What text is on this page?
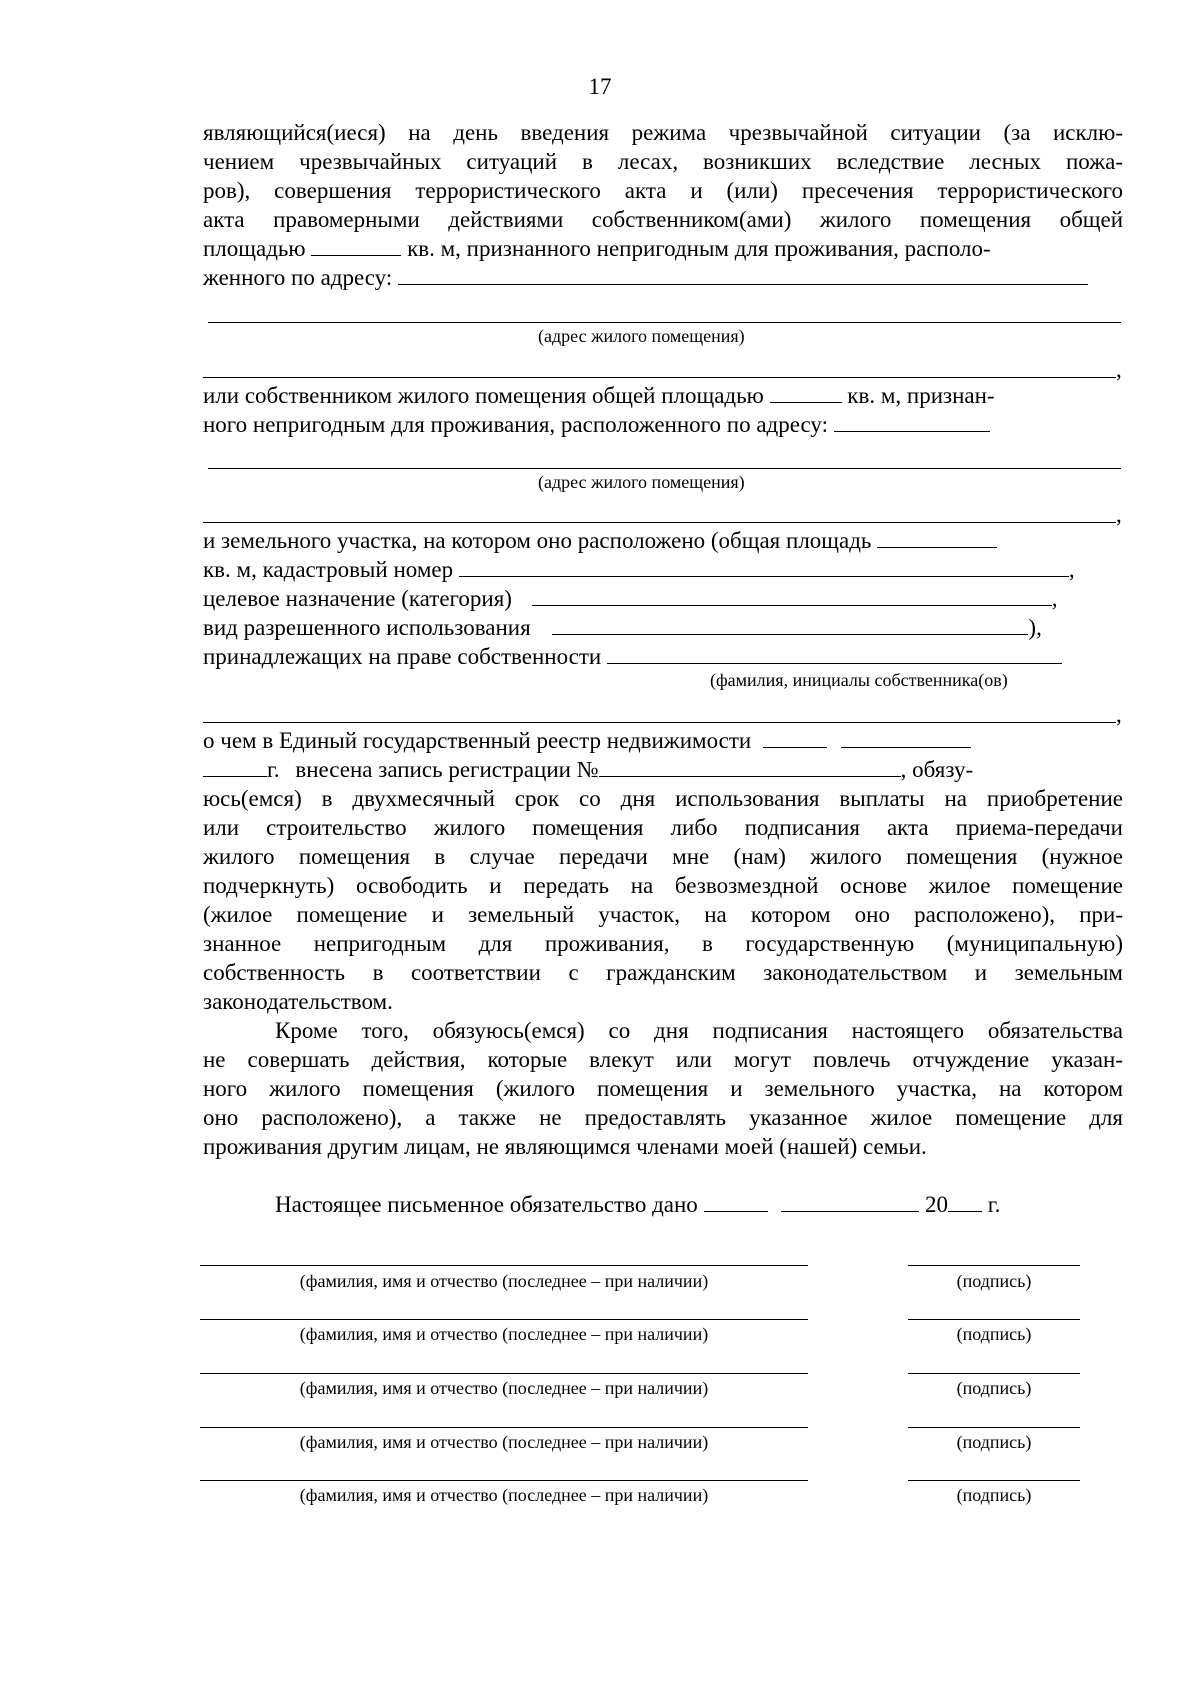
17
являющийся(иеся) на день введения режима чрезвычайной ситуации (за исклю-
чением чрезвычайных ситуаций в лесах, возникших вследствие лесных пожа-
ров), совершения террористического акта и (или) пресечения террористического
акта правомерными действиями собственником(ами) жилого помещения общей
площадью	кв. м, признанного непригодным для проживания, располо-
женного по адресу:
(адрес жилого помещения)
,
или собственником жилого помещения общей площадью	кв. м, признан-
ного непригодным для проживания, расположенного по адресу:
(адрес жилого помещения)
,
и земельного участка, на котором оно расположено (общая площадь
кв. м, кадастровый номер	,
целевое назначение (категория)	,
вид разрешенного использования	),
принадлежащих на праве собственности
(фамилия, инициалы собственника(ов)
,
о чем в Единый государственный реестр недвижимости
г. внесена запись регистрации №	, обязу-
юсь(емся) в двухмесячный срок со дня использования выплаты на приобретение
или строительство жилого помещения либо подписания акта приема-передачи
жилого помещения в случае передачи мне (нам) жилого помещения (нужное
подчеркнуть) освободить и передать на безвозмездной основе жилое помещение
(жилое помещение и земельный участок, на котором оно расположено), при-
знанное непригодным для проживания, в государственную (муниципальную)
собственность в соответствии с гражданским законодательством и земельным
законодательством.
Кроме того, обязуюсь(емся) со дня подписания настоящего обязательства
не совершать действия, которые влекут или могут повлечь отчуждение указан-
ного жилого помещения (жилого помещения и земельного участка, на котором
оно расположено), а также не предоставлять указанное жилое помещение для
проживания другим лицам, не являющимся членами моей (нашей) семьи.
Настоящее письменное обязательство дано	20 г.
(фамилия, имя и отчество (последнее – при наличии)	(подпись)
(фамилия, имя и отчество (последнее – при наличии)	(подпись)
(фамилия, имя и отчество (последнее – при наличии)	(подпись)
(фамилия, имя и отчество (последнее – при наличии)	(подпись)
(фамилия, имя и отчество (последнее – при наличии)	(подпись)
